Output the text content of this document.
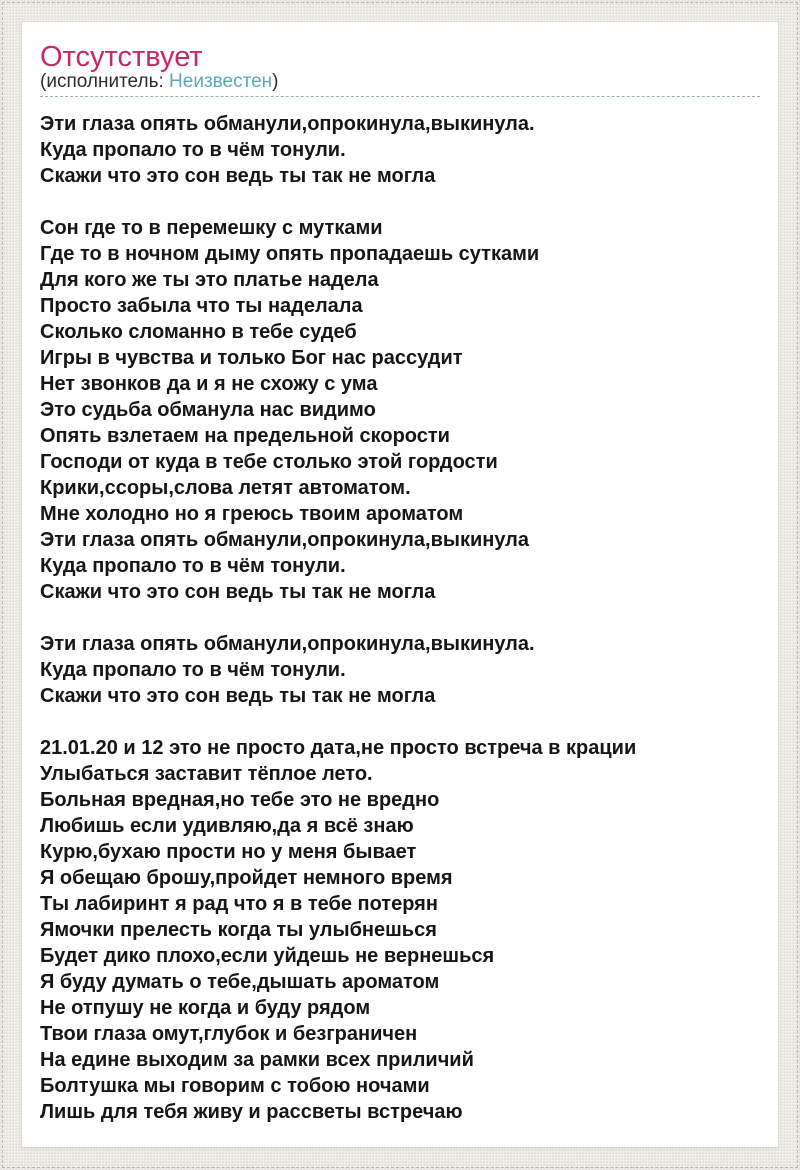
Отсутствует
(исполнитель: Неизвестен)
Эти глаза опять обманули,опрокинула,выкинула.
Куда пропало то в чём тонули.
Скажи что это сон ведь ты так не могла
Сон где то в перемешку с мутками
Где то в ночном дыму опять пропадаешь сутками
Для кого же ты это платье надела
Просто забыла что ты наделала
Сколько сломанно в тебе судеб
Игры в чувства и только Бог нас рассудит
Нет звонков да и я не схожу с ума
Это судьба обманула нас видимо
Опять взлетаем на предельной скорости
Господи от куда в тебе столько этой гордости
Крики,ссоры,слова летят автоматом.
Мне холодно но я греюсь твоим ароматом
Эти глаза опять обманули,опрокинула,выкинула
Куда пропало то в чём тонули.
Скажи что это сон ведь ты так не могла
Эти глаза опять обманули,опрокинула,выкинула.
Куда пропало то в чём тонули.
Скажи что это сон ведь ты так не могла
21.01.20 и 12 это не просто дата,не просто встреча в крации
Улыбаться заставит тёплое лето.
Больная вредная,но тебе это не вредно
Любишь если удивляю,да я всё знаю
Курю,бухаю прости но у меня бывает
Я обещаю брошу,пройдет немного время
Ты лабиринт я рад что я в тебе потерян
Ямочки прелесть когда ты улыбнешься
Будет дико плохо,если уйдешь не вернешься
Я буду думать о тебе,дышать ароматом
Не отпушу не когда и буду рядом
Твои глаза омут,глубок и безграничен
На едине выходим за рамки всех приличий
Болтушка мы говорим с тобою ночами
Лишь для тебя живу и рассветы встречаю
